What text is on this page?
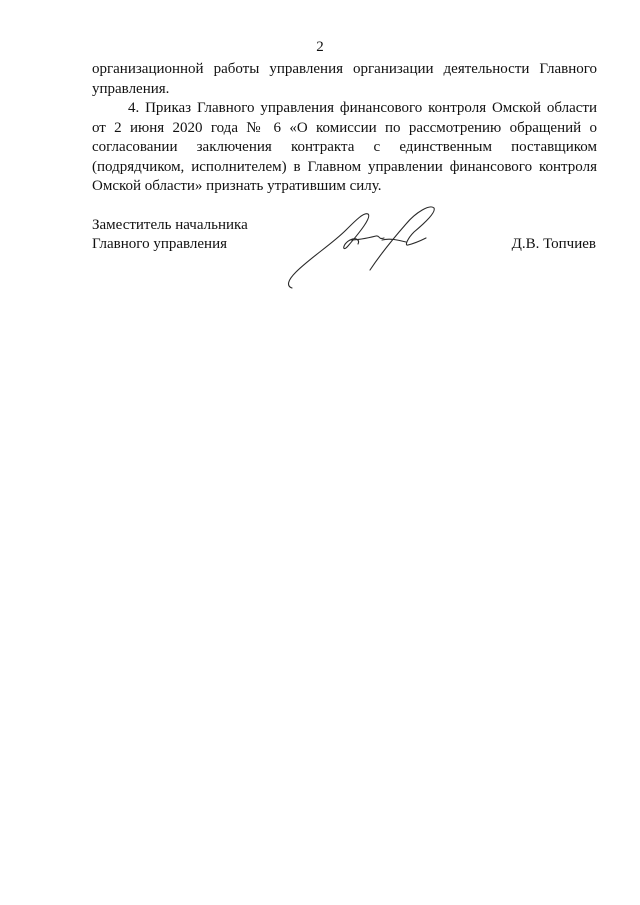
2

организационной работы управления организации деятельности Главного управления.

4. Приказ Главного управления финансового контроля Омской области от 2 июня 2020 года № 6 «О комиссии по рассмотрению обращений о согласовании заключения контракта с единственным поставщиком (подрядчиком, исполнителем) в Главном управлении финансового контроля Омской области» признать утратившим силу.

Заместитель начальника
Главного управления	Д.В. Топчиев
